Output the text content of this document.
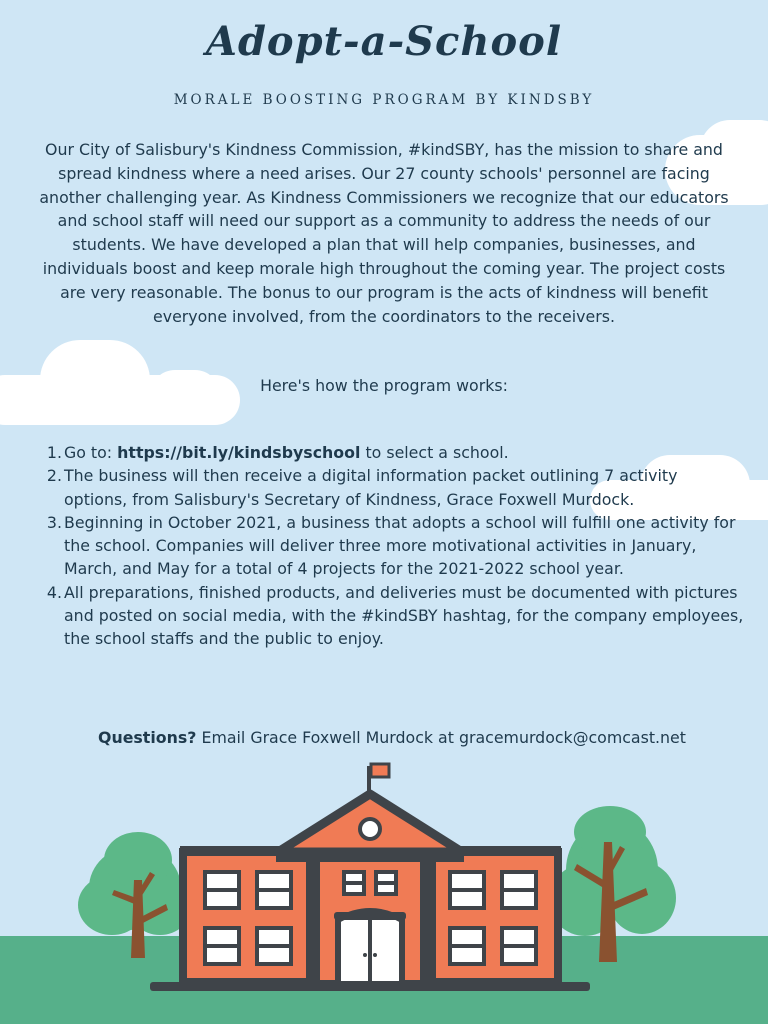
Adopt-a-School
MORALE BOOSTING PROGRAM BY KINDSBY

Our City of Salisbury's Kindness Commission, #kindSBY, has the mission to share and spread kindness where a need arises. Our 27 county schools' personnel are facing another challenging year. As Kindness Commissioners we recognize that our educators and school staff will need our support as a community to address the needs of our students. We have developed a plan that will help companies, businesses, and individuals boost and keep morale high throughout the coming year. The project costs are very reasonable. The bonus to our program is the acts of kindness will benefit everyone involved, from the coordinators to the receivers.

Here's how the program works:

1. Go to: https://bit.ly/kindsbyschool to select a school.
2. The business will then receive a digital information packet outlining 7 activity options, from Salisbury's Secretary of Kindness, Grace Foxwell Murdock.
3. Beginning in October 2021, a business that adopts a school will fulfill one activity for the school. Companies will deliver three more motivational activities in January, March, and May for a total of 4 projects for the 2021-2022 school year.
4. All preparations, finished products, and deliveries must be documented with pictures and posted on social media, with the #kindSBY hashtag, for the company employees, the school staffs and the public to enjoy.
Questions? Email Grace Foxwell Murdock at gracemurdock@comcast.net
